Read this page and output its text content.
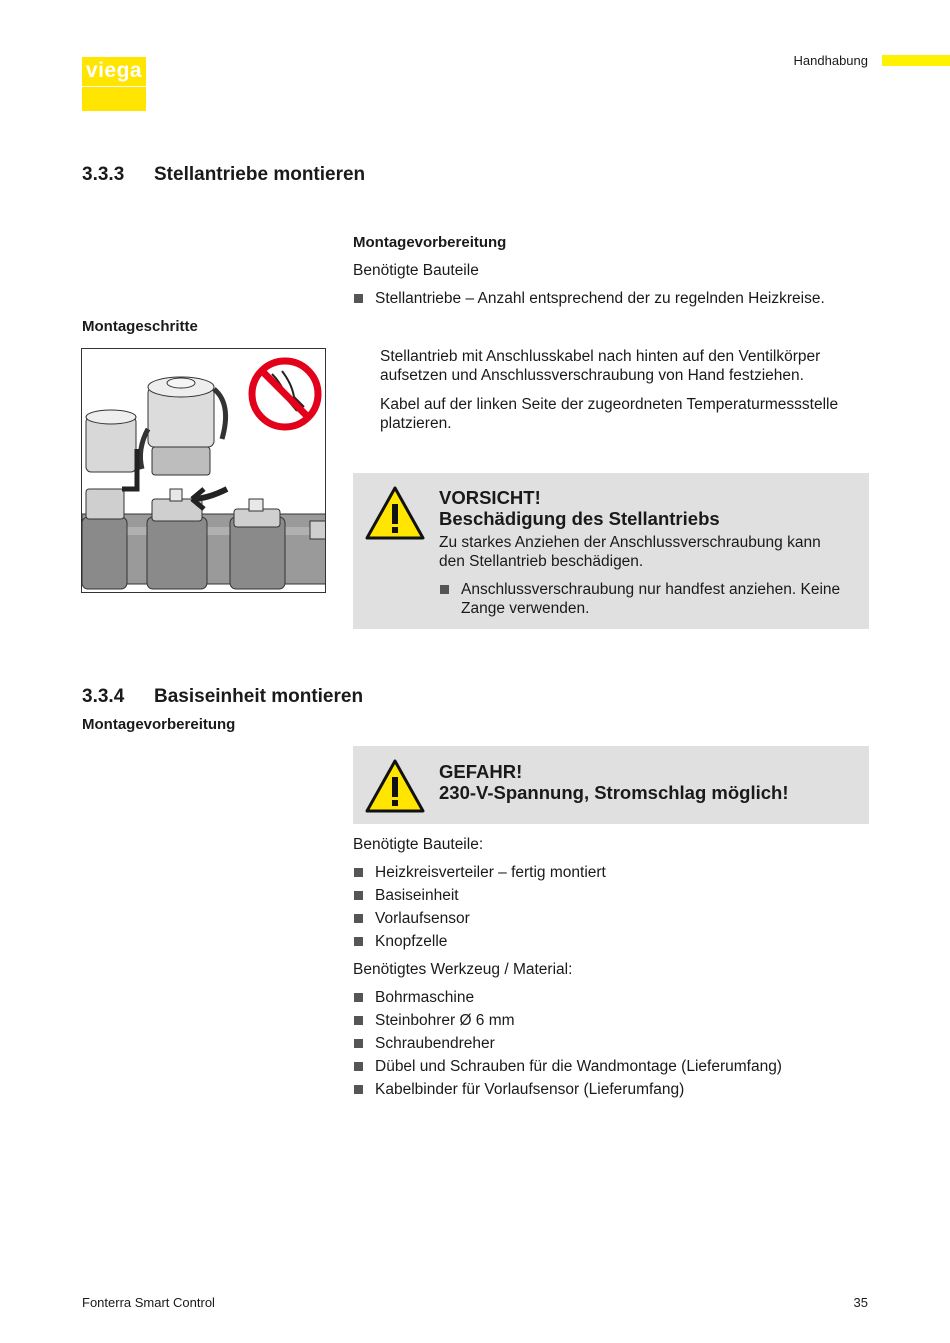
viega	Handhabung
3.3.3 Stellantriebe montieren
Montagevorbereitung
Benötigte Bauteile
Stellantriebe – Anzahl entsprechend der zu regelnden Heizkreise.
Montageschritte
Stellantrieb mit Anschlusskabel nach hinten auf den Ventilkörper aufsetzen und Anschlussverschraubung von Hand festziehen.
Kabel auf der linken Seite der zugeordneten Temperaturmessstelle platzieren.
VORSICHT!
Beschädigung des Stellantriebs
Zu starkes Anziehen der Anschlussverschraubung kann den Stellantrieb beschädigen.
Anschlussverschraubung nur handfest anziehen. Keine Zange verwenden.
3.3.4 Basiseinheit montieren
Montagevorbereitung
GEFAHR!
230-V-Spannung, Stromschlag möglich!
Benötigte Bauteile:
Heizkreisverteiler – fertig montiert
Basiseinheit
Vorlaufsensor
Knopfzelle
Benötigtes Werkzeug / Material:
Bohrmaschine
Steinbohrer Ø 6 mm
Schraubendreher
Dübel und Schrauben für die Wandmontage (Lieferumfang)
Kabelbinder für Vorlaufsensor (Lieferumfang)
Fonterra Smart Control	35
